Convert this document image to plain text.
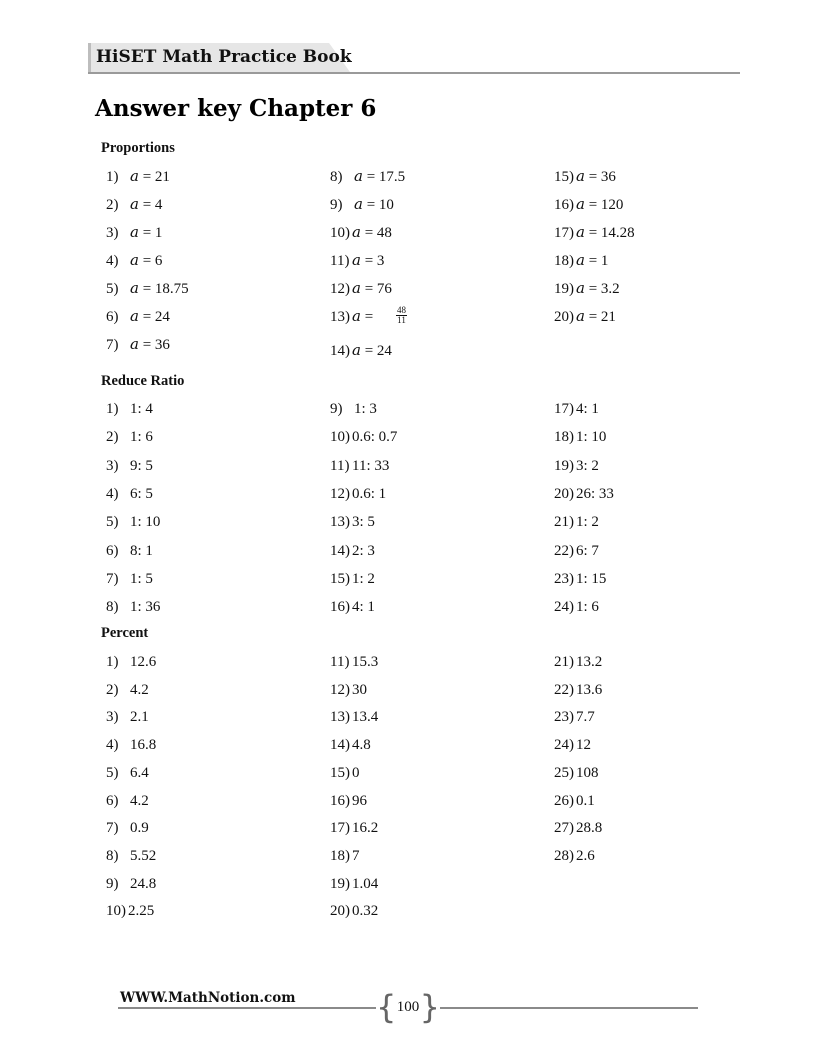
HiSET Math Practice Book
Answer key Chapter 6
Proportions
1) 𝑎 = 21
2) 𝑎 = 4
3) 𝑎 = 1
4) 𝑎 = 6
5) 𝑎 = 18.75
6) 𝑎 = 24
7) 𝑎 = 36
8) 𝑎 = 17.5
9) 𝑎 = 10
10) 𝑎 = 48
11) 𝑎 = 3
12) 𝑎 = 76
13) 𝑎 =	$\frac{48}{11}$
14) 𝑎 = 24
15) 𝑎 = 36
16) 𝑎 = 120
17) 𝑎 = 14.28
18) 𝑎 = 1
19) 𝑎 = 3.2
20) 𝑎 = 21
Reduce Ratio
1) 1: 4
2) 1: 6
3) 9: 5
4) 6: 5
5) 1: 10
6) 8: 1
7) 1: 5
8) 1: 36
9) 1: 3
10) 0.6: 0.7
11) 11: 33
12) 0.6: 1
13) 3: 5
14) 2: 3
15) 1: 2
16) 4: 1
17) 4: 1
18) 1: 10
19) 3: 2
20) 26: 33
21) 1: 2
22) 6: 7
23) 1: 15
24) 1: 6
Percent
1) 12.6
2) 4.2
3) 2.1
4) 16.8
5) 6.4
6) 4.2
7) 0.9
8) 5.52
9) 24.8
10) 2.25
11) 15.3
12) 30
13) 13.4
14) 4.8
15) 0
16) 96
17) 16.2
18) 7
19) 1.04
20) 0.32
21) 13.2
22) 13.6
23) 7.7
24) 12
25) 108
26) 0.1
27) 28.8
28) 2.6
WWW.MathNotion.com	{ 100 }
